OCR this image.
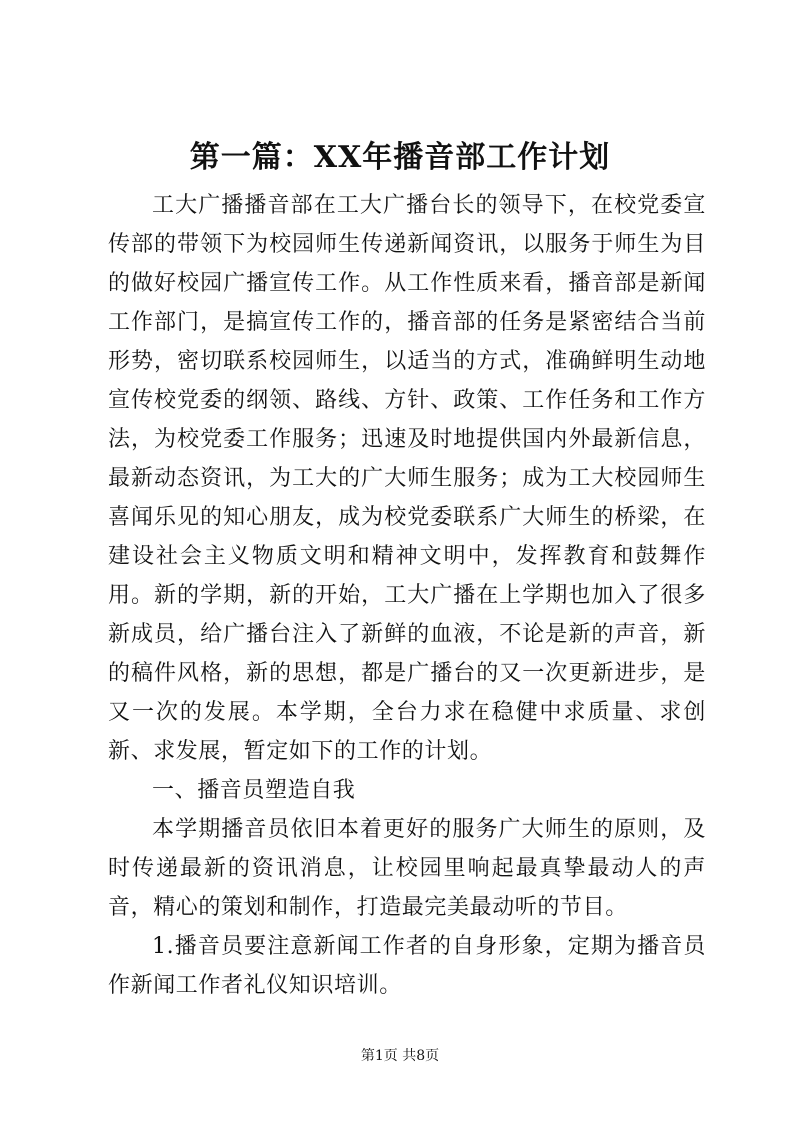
第一篇：XX年播音部工作计划

工大广播播音部在工大广播台长的领导下，在校党委宣传部的带领下为校园师生传递新闻资讯，以服务于师生为目的做好校园广播宣传工作。从工作性质来看，播音部是新闻工作部门，是搞宣传工作的，播音部的任务是紧密结合当前形势，密切联系校园师生，以适当的方式，准确鲜明生动地宣传校党委的纲领、路线、方针、政策、工作任务和工作方法，为校党委工作服务；迅速及时地提供国内外最新信息，最新动态资讯，为工大的广大师生服务；成为工大校园师生喜闻乐见的知心朋友，成为校党委联系广大师生的桥梁，在建设社会主义物质文明和精神文明中，发挥教育和鼓舞作用。新的学期，新的开始，工大广播在上学期也加入了很多新成员，给广播台注入了新鲜的血液，不论是新的声音，新的稿件风格，新的思想，都是广播台的又一次更新进步，是又一次的发展。本学期，全台力求在稳健中求质量、求创新、求发展，暂定如下的工作的计划。

一、播音员塑造自我

本学期播音员依旧本着更好的服务广大师生的原则，及时传递最新的资讯消息，让校园里响起最真挚最动人的声音，精心的策划和制作，打造最完美最动听的节目。

1.播音员要注意新闻工作者的自身形象，定期为播音员作新闻工作者礼仪知识培训。

第1页 共8页
